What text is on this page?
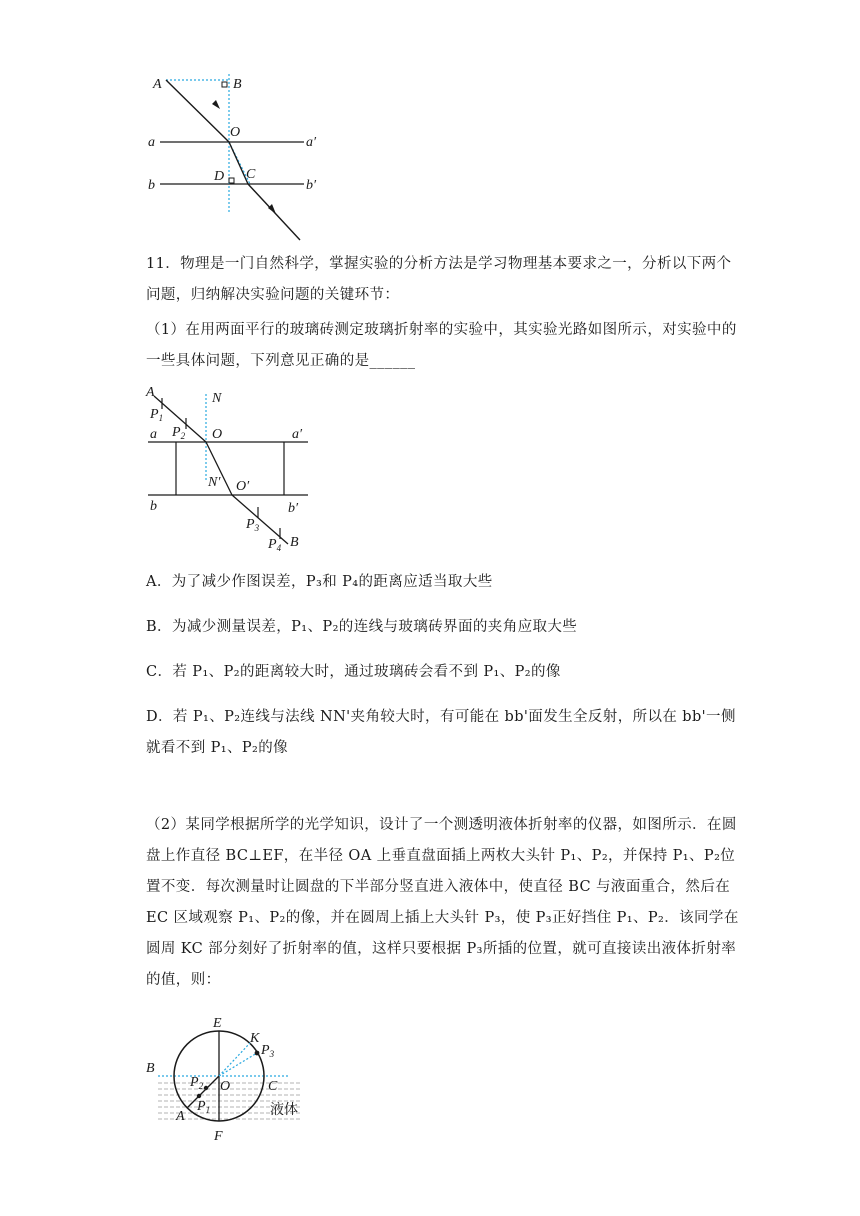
A	B
a
O
a′
b
D C
b′

11．物理是一门自然科学，掌握实验的分析方法是学习物理基本要求之一，分析以下两个问题，归纳解决实验问题的关键环节：

（1）在用两面平行的玻璃砖测定玻璃折射率的实验中，其实验光路如图所示，对实验中的一些具体问题，下列意见正确的是______

A
$P_1$
N
a $P_2$ O	a′
N′ O′
b	b′
$P_3$
$P_4$ B

A．为了减少作图误差，P₃和 P₄的距离应适当取大些

B．为减少测量误差，P₁、P₂的连线与玻璃砖界面的夹角应取大些

C．若 P₁、P₂的距离较大时，通过玻璃砖会看不到 P₁、P₂的像

D．若 P₁、P₂连线与法线 NN'夹角较大时，有可能在 bb'面发生全反射，所以在 bb'一侧就看不到 P₁、P₂的像

（2）某同学根据所学的光学知识，设计了一个测透明液体折射率的仪器，如图所示．在圆盘上作直径 BC⊥EF，在半径 OA 上垂直盘面插上两枚大头针 P₁、P₂，并保持 P₁、P₂位置不变．每次测量时让圆盘的下半部分竖直进入液体中，使直径 BC 与液面重合，然后在 EC 区域观察 P₁、P₂的像，并在圆周上插上大头针 P₃，使 P₃正好挡住 P₁、P₂．该同学在圆周 KC 部分刻好了折射率的值，这样只要根据 P₃所插的位置，就可直接读出液体折射率的值，则：

E
K
$P_3$
B
$P_2$ O	C
$P_1$
A	液体
F
